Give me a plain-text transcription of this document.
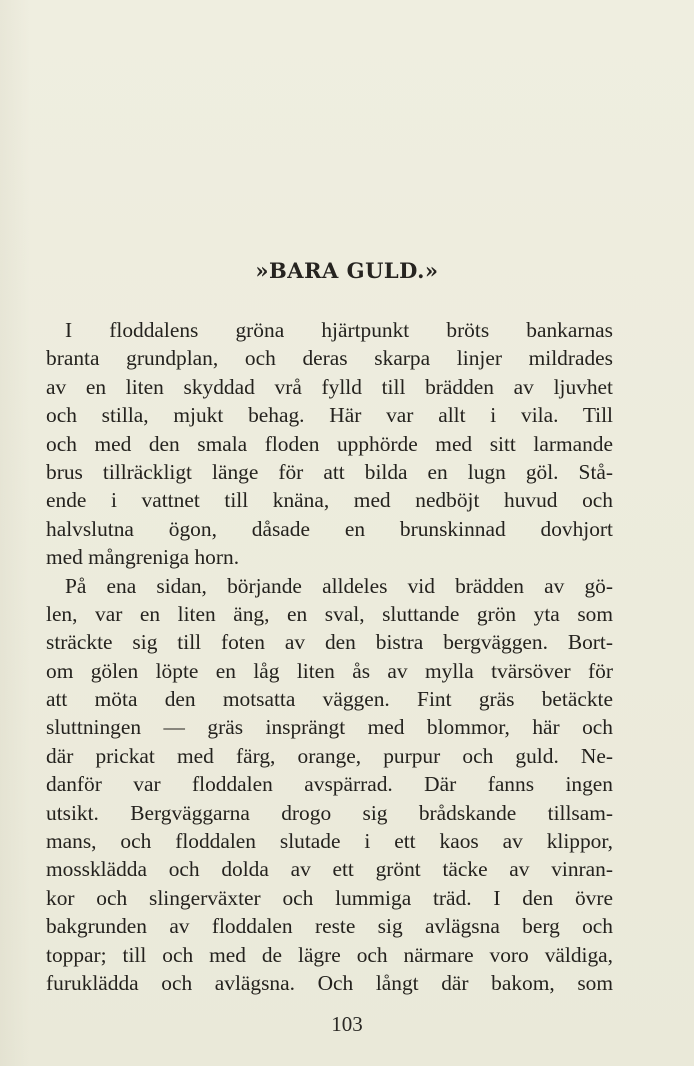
»BARA GULD.»
I floddalens gröna hjärtpunkt bröts bankarnas
branta grundplan, och deras skarpa linjer mildrades
av en liten skyddad vrå fylld till brädden av ljuvhet
och stilla, mjukt behag. Här var allt i vila. Till
och med den smala floden upphörde med sitt larmande
brus tillräckligt länge för att bilda en lugn göl. Stå-
ende i vattnet till knäna, med nedböjt huvud och
halvslutna ögon, dåsade en brunskinnad dovhjort
med mångreniga horn.
På ena sidan, börjande alldeles vid brädden av gö-
len, var en liten äng, en sval, sluttande grön yta som
sträckte sig till foten av den bistra bergväggen. Bort-
om gölen löpte en låg liten ås av mylla tvärsöver för
att möta den motsatta väggen. Fint gräs betäckte
sluttningen — gräs insprängt med blommor, här och
där prickat med färg, orange, purpur och guld. Ne-
danför var floddalen avspärrad. Där fanns ingen
utsikt. Bergväggarna drogo sig brådskande tillsam-
mans, och floddalen slutade i ett kaos av klippor,
mossklädda och dolda av ett grönt täcke av vinran-
kor och slingerväxter och lummiga träd. I den övre
bakgrunden av floddalen reste sig avlägsna berg och
toppar; till och med de lägre och närmare voro väldiga,
furuklädda och avlägsna. Och långt där bakom, som
103
